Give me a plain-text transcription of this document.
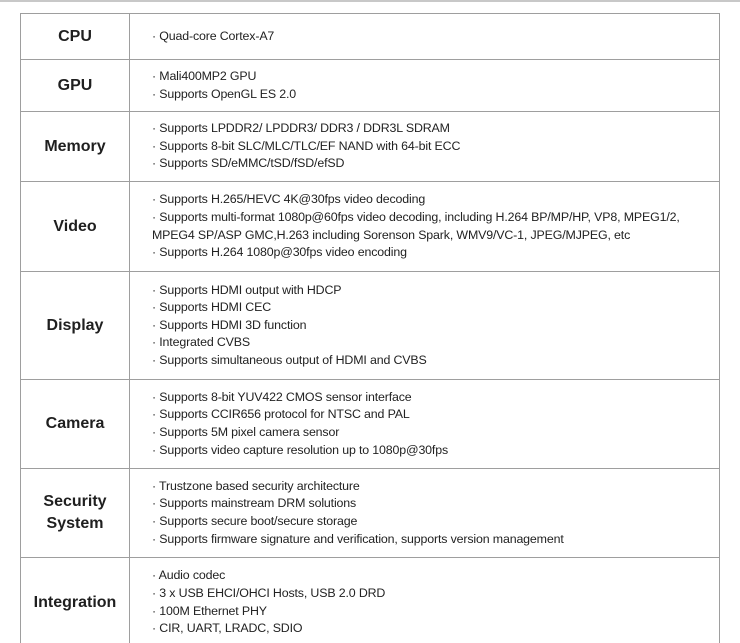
CPU	· Quad-core Cortex-A7

GPU	· Mali400MP2 GPU
· Supports OpenGL ES 2.0

Memory	· Supports LPDDR2/ LPDDR3/ DDR3 / DDR3L SDRAM
· Supports 8-bit SLC/MLC/TLC/EF NAND with 64-bit ECC
· Supports SD/eMMC/tSD/fSD/efSD

Video	· Supports H.265/HEVC 4K@30fps video decoding
· Supports multi-format 1080p@60fps video decoding, including H.264 BP/MP/HP, VP8, MPEG1/2,
MPEG4 SP/ASP GMC,H.263 including Sorenson Spark, WMV9/VC-1, JPEG/MJPEG, etc
· Supports H.264 1080p@30fps video encoding

Display	· Supports HDMI output with HDCP
· Supports HDMI CEC
· Supports HDMI 3D function
· Integrated CVBS
· Supports simultaneous output of HDMI and CVBS

Camera	· Supports 8-bit YUV422 CMOS sensor interface
· Supports CCIR656 protocol for NTSC and PAL
· Supports 5M pixel camera sensor
· Supports video capture resolution up to 1080p@30fps

Security
System	· Trustzone based security architecture
· Supports mainstream DRM solutions
· Supports secure boot/secure storage
· Supports firmware signature and verification, supports version management

Integration	· Audio codec
· 3 x USB EHCI/OHCI Hosts, USB 2.0 DRD
· 100M Ethernet PHY
· CIR, UART, LRADC, SDIO
